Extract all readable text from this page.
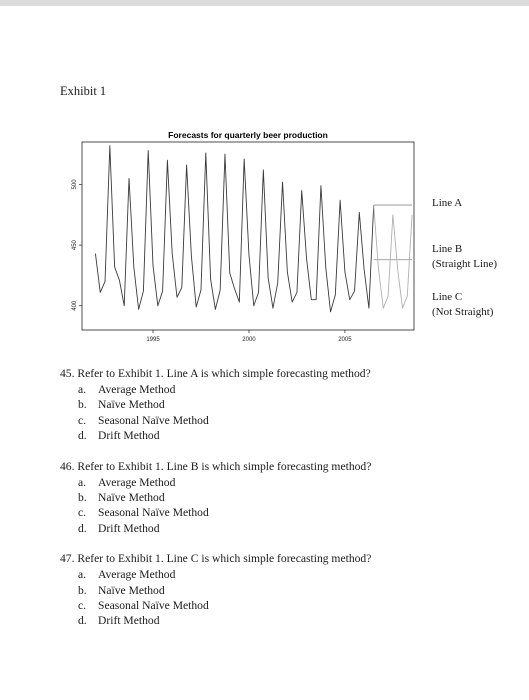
Exhibit 1
Forecasts for quarterly beer production
400
450
500
1995	2000	2005
Line A
Line B
(Straight Line)
Line C
(Not Straight)
45. Refer to Exhibit 1. Line A is which simple forecasting method?
a. Average Method
b. Naïve Method
c. Seasonal Naïve Method
d. Drift Method
46. Refer to Exhibit 1. Line B is which simple forecasting method?
a. Average Method
b. Naïve Method
c. Seasonal Naïve Method
d. Drift Method
47. Refer to Exhibit 1. Line C is which simple forecasting method?
a. Average Method
b. Naïve Method
c. Seasonal Naïve Method
d. Drift Method
